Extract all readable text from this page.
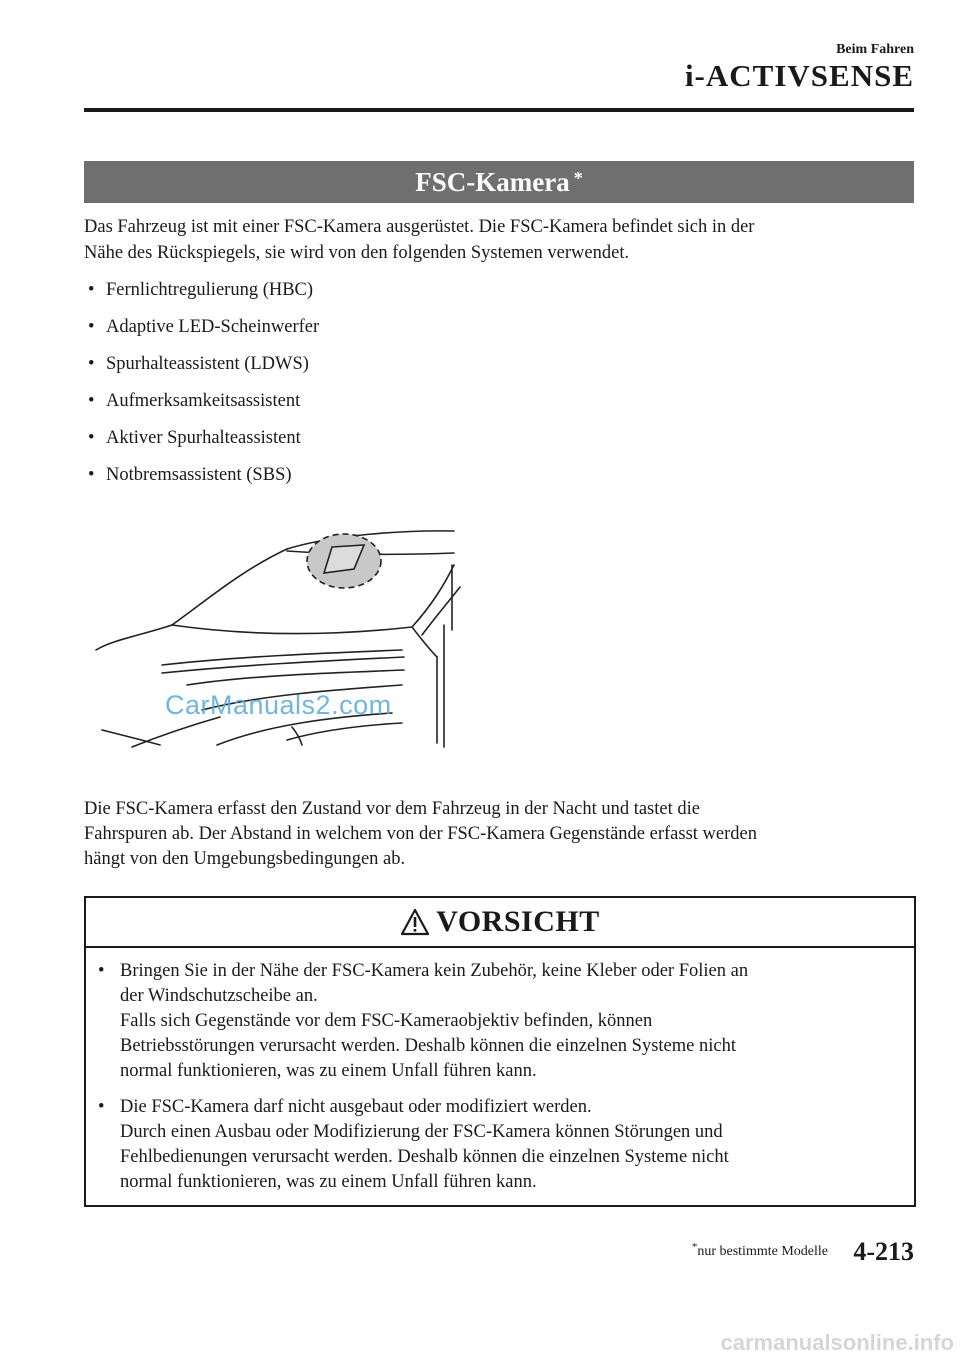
Beim Fahren
i-ACTIVSENSE
FSC-Kamera *
Das Fahrzeug ist mit einer FSC-Kamera ausgerüstet. Die FSC-Kamera befindet sich in der
Nähe des Rückspiegels, sie wird von den folgenden Systemen verwendet.
• Fernlichtregulierung (HBC)
• Adaptive LED-Scheinwerfer
• Spurhalteassistent (LDWS)
• Aufmerksamkeitsassistent
• Aktiver Spurhalteassistent
• Notbremsassistent (SBS)
CarManuals2.com
Die FSC-Kamera erfasst den Zustand vor dem Fahrzeug in der Nacht und tastet die
Fahrspuren ab. Der Abstand in welchem von der FSC-Kamera Gegenstände erfasst werden
hängt von den Umgebungsbedingungen ab.
VORSICHT
• Bringen Sie in der Nähe der FSC-Kamera kein Zubehör, keine Kleber oder Folien an
der Windschutzscheibe an.
Falls sich Gegenstände vor dem FSC-Kameraobjektiv befinden, können
Betriebsstörungen verursacht werden. Deshalb können die einzelnen Systeme nicht
normal funktionieren, was zu einem Unfall führen kann.
• Die FSC-Kamera darf nicht ausgebaut oder modifiziert werden.
Durch einen Ausbau oder Modifizierung der FSC-Kamera können Störungen und
Fehlbedienungen verursacht werden. Deshalb können die einzelnen Systeme nicht
normal funktionieren, was zu einem Unfall führen kann.
*nur bestimmte Modelle 4-213
carmanualsonline.info
